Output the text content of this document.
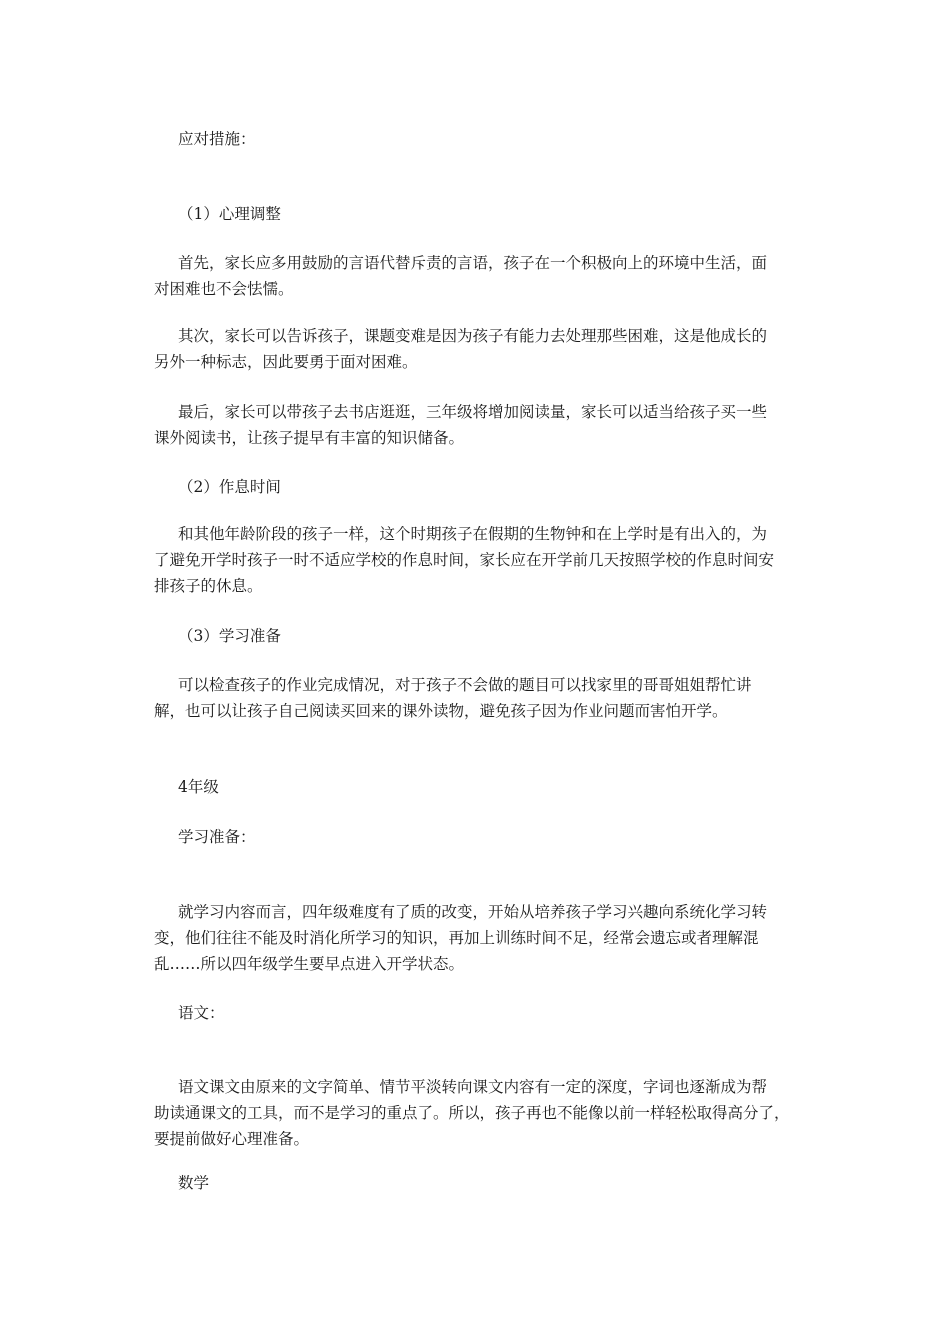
应对措施：
（1）心理调整
首先，家长应多用鼓励的言语代替斥责的言语，孩子在一个积极向上的环境中生活，面
对困难也不会怯懦。
其次，家长可以告诉孩子，课题变难是因为孩子有能力去处理那些困难，这是他成长的
另外一种标志，因此要勇于面对困难。
最后，家长可以带孩子去书店逛逛，三年级将增加阅读量，家长可以适当给孩子买一些
课外阅读书，让孩子提早有丰富的知识储备。
（2）作息时间
和其他年龄阶段的孩子一样，这个时期孩子在假期的生物钟和在上学时是有出入的，为
了避免开学时孩子一时不适应学校的作息时间，家长应在开学前几天按照学校的作息时间安
排孩子的休息。
（3）学习准备
可以检查孩子的作业完成情况，对于孩子不会做的题目可以找家里的哥哥姐姐帮忙讲
解，也可以让孩子自己阅读买回来的课外读物，避免孩子因为作业问题而害怕开学。
4年级
学习准备：
就学习内容而言，四年级难度有了质的改变，开始从培养孩子学习兴趣向系统化学习转
变，他们往往不能及时消化所学习的知识，再加上训练时间不足，经常会遗忘或者理解混
乱……所以四年级学生要早点进入开学状态。
语文：
语文课文由原来的文字简单、情节平淡转向课文内容有一定的深度，字词也逐渐成为帮
助读通课文的工具，而不是学习的重点了。所以，孩子再也不能像以前一样轻松取得高分了，
要提前做好心理准备。
数学
